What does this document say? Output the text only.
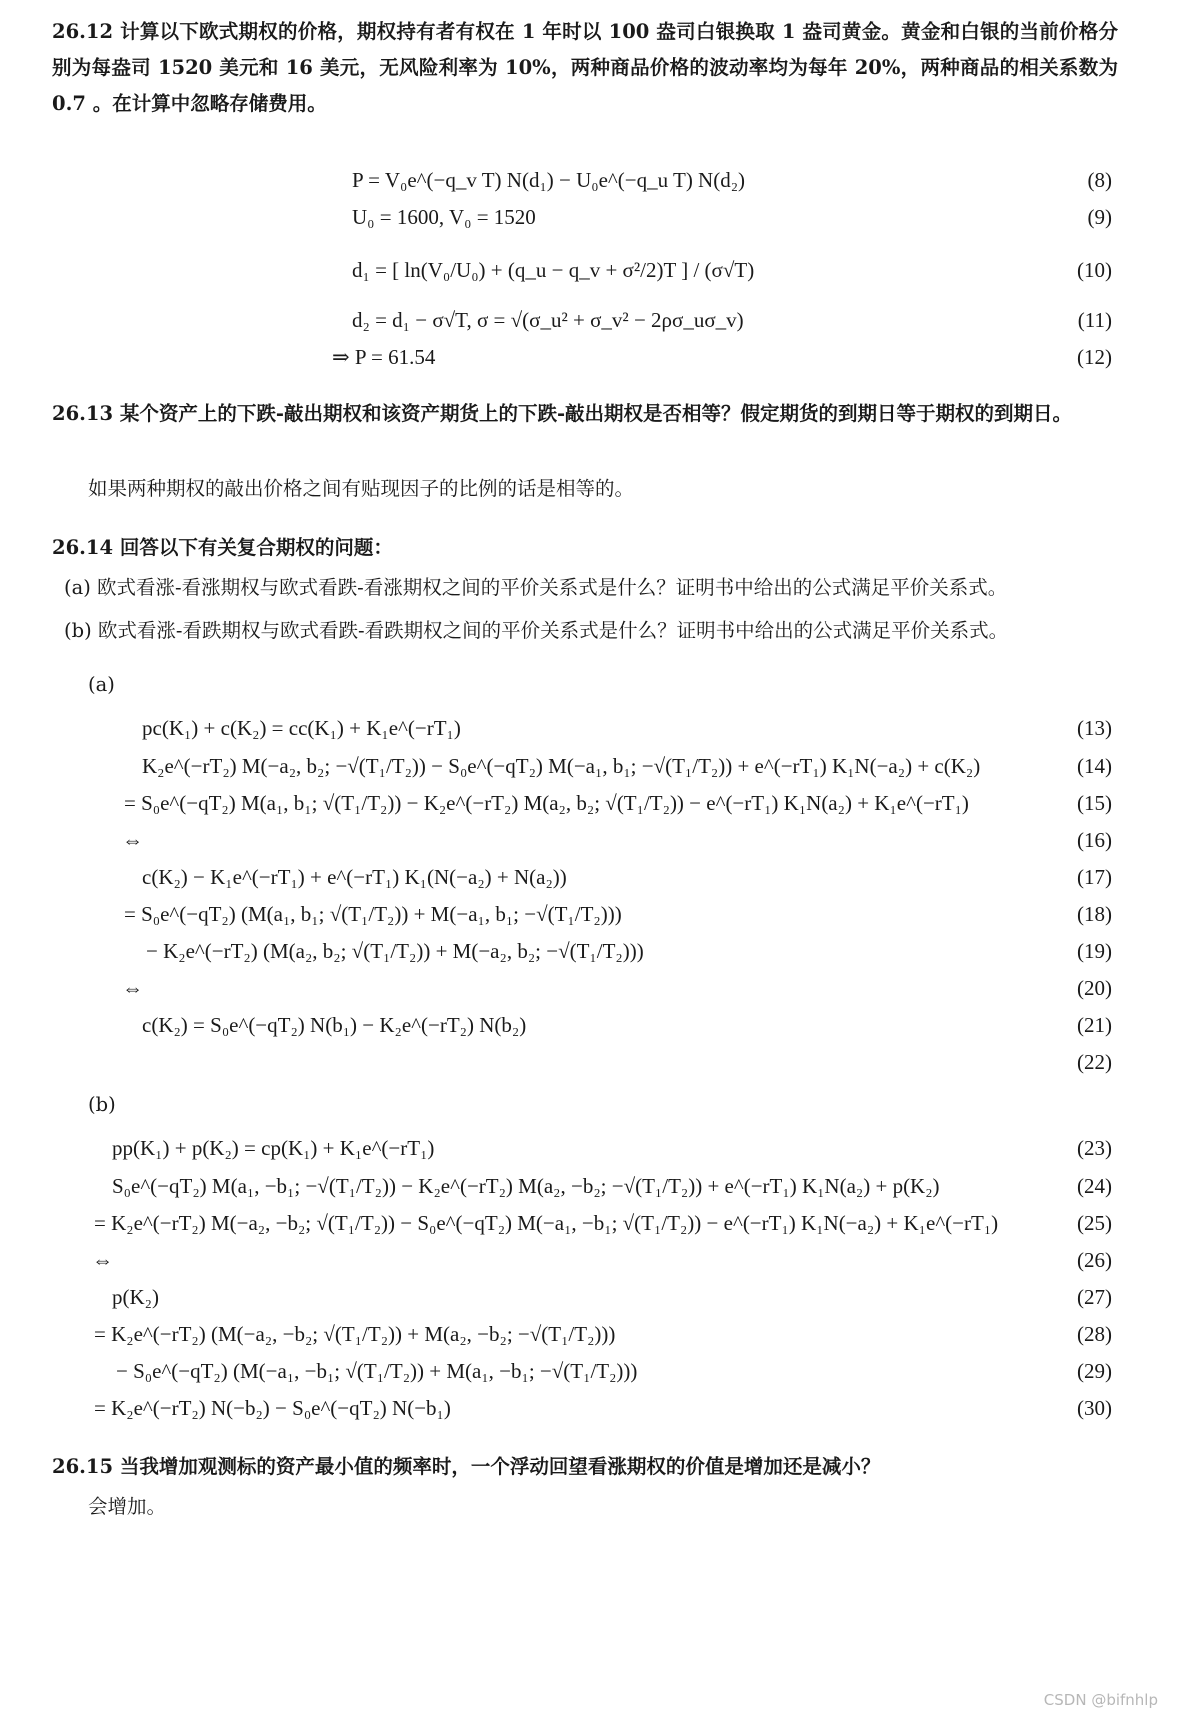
26.12 计算以下欧式期权的价格，期权持有者有权在 1 年时以 100 盎司白银换取 1 盎司黄金。黄金和白银的当前价格分别为每盎司 1520 美元和 16 美元，无风险利率为 10%，两种商品价格的波动率均为每年 20%，两种商品的相关系数为 0.7 。在计算中忽略存储费用。
P = V₀e^(−q_v T) N(d₁) − U₀e^(−q_u T) N(d₂)	(8)
U₀ = 1600, V₀ = 1520	(9)
d₁ = [ ln(V₀/U₀) + (q_u − q_v + σ²/2)T ] / (σ√T)	(10)
d₂ = d₁ − σ√T, σ = √(σ_u² + σ_v² − 2ρσ_uσ_v)	(11)
⇒ P = 61.54	(12)
26.13 某个资产上的下跌-敲出期权和该资产期货上的下跌-敲出期权是否相等？假定期货的到期日等于期权的到期日。
如果两种期权的敲出价格之间有贴现因子的比例的话是相等的。
26.14 回答以下有关复合期权的问题：
(a) 欧式看涨-看涨期权与欧式看跌-看涨期权之间的平价关系式是什么？证明书中给出的公式满足平价关系式。
(b) 欧式看涨-看跌期权与欧式看跌-看跌期权之间的平价关系式是什么？证明书中给出的公式满足平价关系式。
(a)
pc(K₁) + c(K₂) = cc(K₁) + K₁e^(−rT₁)	(13)
K₂e^(−rT₂) M(−a₂, b₂; −√(T₁/T₂)) − S₀e^(−qT₂) M(−a₁, b₁; −√(T₁/T₂)) + e^(−rT₁) K₁N(−a₂) + c(K₂)	(14)
= S₀e^(−qT₂) M(a₁, b₁; √(T₁/T₂)) − K₂e^(−rT₂) M(a₂, b₂; √(T₁/T₂)) − e^(−rT₁) K₁N(a₂) + K₁e^(−rT₁)	(15)
⇔	(16)
c(K₂) − K₁e^(−rT₁) + e^(−rT₁) K₁(N(−a₂) + N(a₂))	(17)
= S₀e^(−qT₂) (M(a₁, b₁; √(T₁/T₂)) + M(−a₁, b₁; −√(T₁/T₂)))	(18)
− K₂e^(−rT₂) (M(a₂, b₂; √(T₁/T₂)) + M(−a₂, b₂; −√(T₁/T₂)))	(19)
⇔	(20)
c(K₂) = S₀e^(−qT₂) N(b₁) − K₂e^(−rT₂) N(b₂)	(21)
(22)
(b)
pp(K₁) + p(K₂) = cp(K₁) + K₁e^(−rT₁)	(23)
S₀e^(−qT₂) M(a₁, −b₁; −√(T₁/T₂)) − K₂e^(−rT₂) M(a₂, −b₂; −√(T₁/T₂)) + e^(−rT₁) K₁N(a₂) + p(K₂)	(24)
= K₂e^(−rT₂) M(−a₂, −b₂; √(T₁/T₂)) − S₀e^(−qT₂) M(−a₁, −b₁; √(T₁/T₂)) − e^(−rT₁) K₁N(−a₂) + K₁e^(−rT₁)	(25)
⇔	(26)
p(K₂)	(27)
= K₂e^(−rT₂) (M(−a₂, −b₂; √(T₁/T₂)) + M(a₂, −b₂; −√(T₁/T₂)))	(28)
− S₀e^(−qT₂) (M(−a₁, −b₁; √(T₁/T₂)) + M(a₁, −b₁; −√(T₁/T₂)))	(29)
= K₂e^(−rT₂) N(−b₂) − S₀e^(−qT₂) N(−b₁)	(30)
26.15 当我增加观测标的资产最小值的频率时，一个浮动回望看涨期权的价值是增加还是减小？
会增加。
CSDN @bifnhlp
